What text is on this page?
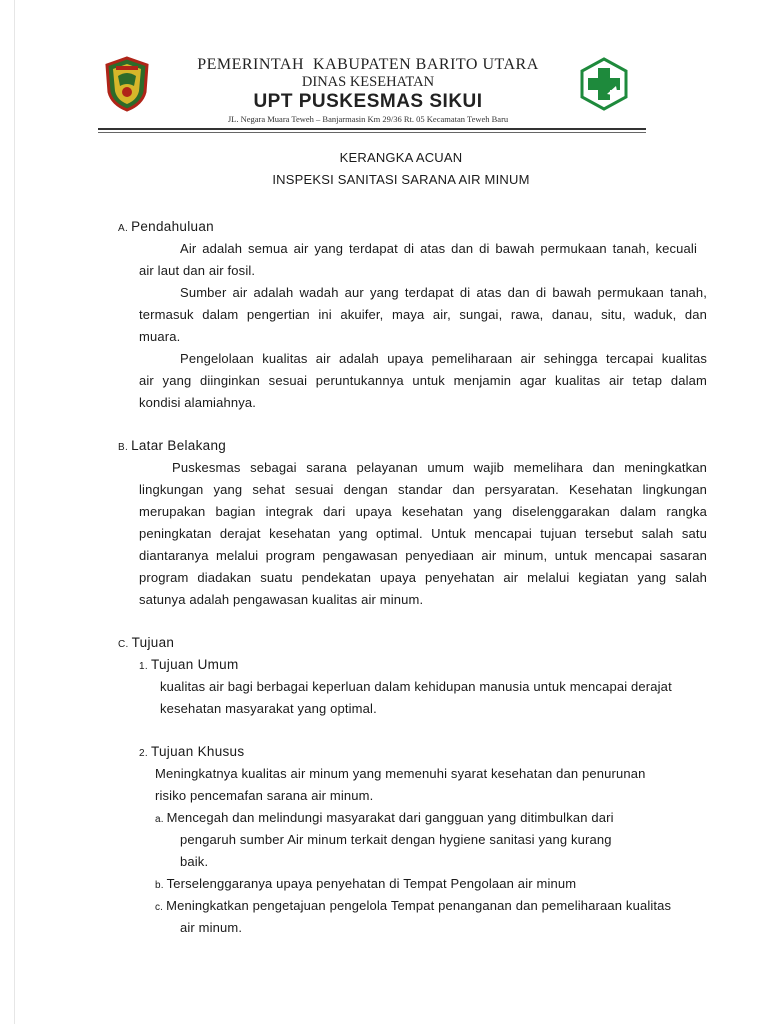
PEMERINTAH  KABUPATEN BARITO UTARA
DINAS KESEHATAN
UPT PUSKESMAS SIKUI
JL. Negara Muara Teweh – Banjarmasin Km 29/36 Rt. 05 Kecamatan Teweh Baru
KERANGKA ACUAN
INSPEKSI SANITASI SARANA AIR MINUM
A. Pendahuluan
Air adalah semua air yang terdapat di atas dan di bawah permukaan tanah, kecuali
air laut dan air fosil.
Sumber air adalah wadah aur yang terdapat di atas dan di bawah permukaan tanah,
termasuk dalam pengertian ini akuifer, maya air, sungai, rawa, danau, situ, waduk, dan
muara.
Pengelolaan kualitas air adalah upaya pemeliharaan air sehingga tercapai kualitas
air yang diinginkan sesuai peruntukannya untuk menjamin agar kualitas air tetap dalam
kondisi alamiahnya.
B. Latar Belakang
Puskesmas sebagai sarana pelayanan umum wajib memelihara dan meningkatkan
lingkungan yang sehat sesuai dengan standar dan persyaratan. Kesehatan lingkungan
merupakan bagian integrak dari upaya kesehatan yang diselenggarakan dalam rangka
peningkatan derajat kesehatan yang optimal. Untuk mencapai tujuan tersebut salah satu
diantaranya melalui program pengawasan penyediaan air minum, untuk mencapai sasaran
program diadakan suatu pendekatan upaya penyehatan air melalui kegiatan yang salah
satunya adalah pengawasan kualitas air minum.
C. Tujuan
1. Tujuan Umum
kualitas air bagi berbagai keperluan dalam kehidupan manusia untuk mencapai derajat
kesehatan masyarakat yang optimal.
2. Tujuan Khusus
Meningkatnya kualitas air minum yang memenuhi syarat kesehatan dan penurunan
risiko pencemafan sarana air minum.
a. Mencegah dan melindungi masyarakat dari gangguan yang ditimbulkan dari
pengaruh sumber Air minum terkait dengan hygiene sanitasi yang kurang
baik.
b. Terselenggaranya upaya penyehatan di Tempat Pengolaan air minum
c. Meningkatkan pengetajuan pengelola Tempat penanganan dan pemeliharaan kualitas
air minum.
